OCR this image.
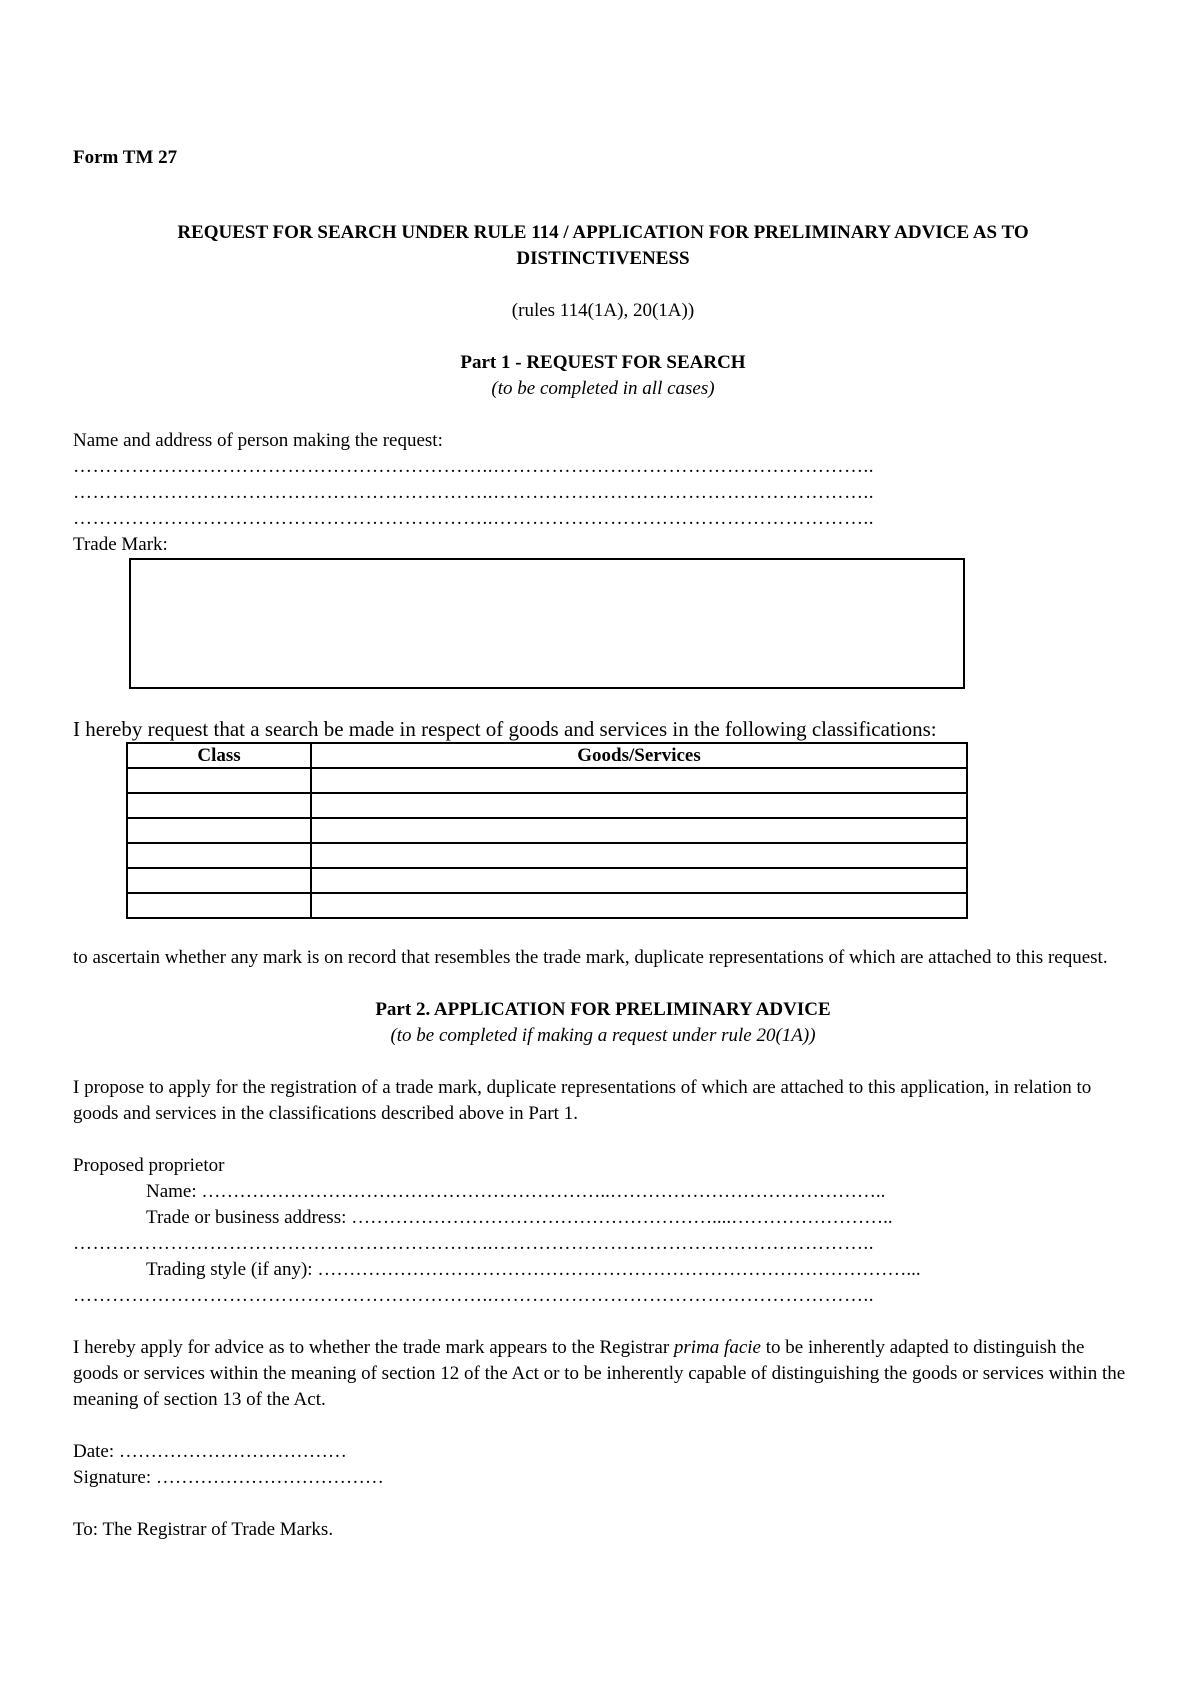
Form TM 27

REQUEST FOR SEARCH UNDER RULE 114 / APPLICATION FOR PRELIMINARY ADVICE AS TO DISTINCTIVENESS
(rules 114(1A), 20(1A))
Part 1 - REQUEST FOR SEARCH
(to be completed in all cases)
Name and address of person making the request:
………………………………………………………..…………………………………………………..
………………………………………………………..…………………………………………………..
………………………………………………………..…………………………………………………..
Trade Mark:
I hereby request that a search be made in respect of goods and services in the following classifications:
Class	Goods/Services

to ascertain whether any mark is on record that resembles the trade mark, duplicate representations of which are attached to this request.
Part 2. APPLICATION FOR PRELIMINARY ADVICE
(to be completed if making a request under rule 20(1A))
I propose to apply for the registration of a trade mark, duplicate representations of which are attached to this application, in relation to goods and services in the classifications described above in Part 1.
Proposed proprietor
Name: ………………………………………………………..……………………………………..
Trade or business address: …………………………………………………....……………………..
………………………………………………………..…………………………………………………..
Trading style (if any): …………………………………………………………………………………...
………………………………………………………..…………………………………………………..
I hereby apply for advice as to whether the trade mark appears to the Registrar prima facie to be inherently adapted to distinguish the goods or services within the meaning of section 12 of the Act or to be inherently capable of distinguishing the goods or services within the meaning of section 13 of the Act.
Date: ………………………………
Signature: ………………………………
To: The Registrar of Trade Marks.
